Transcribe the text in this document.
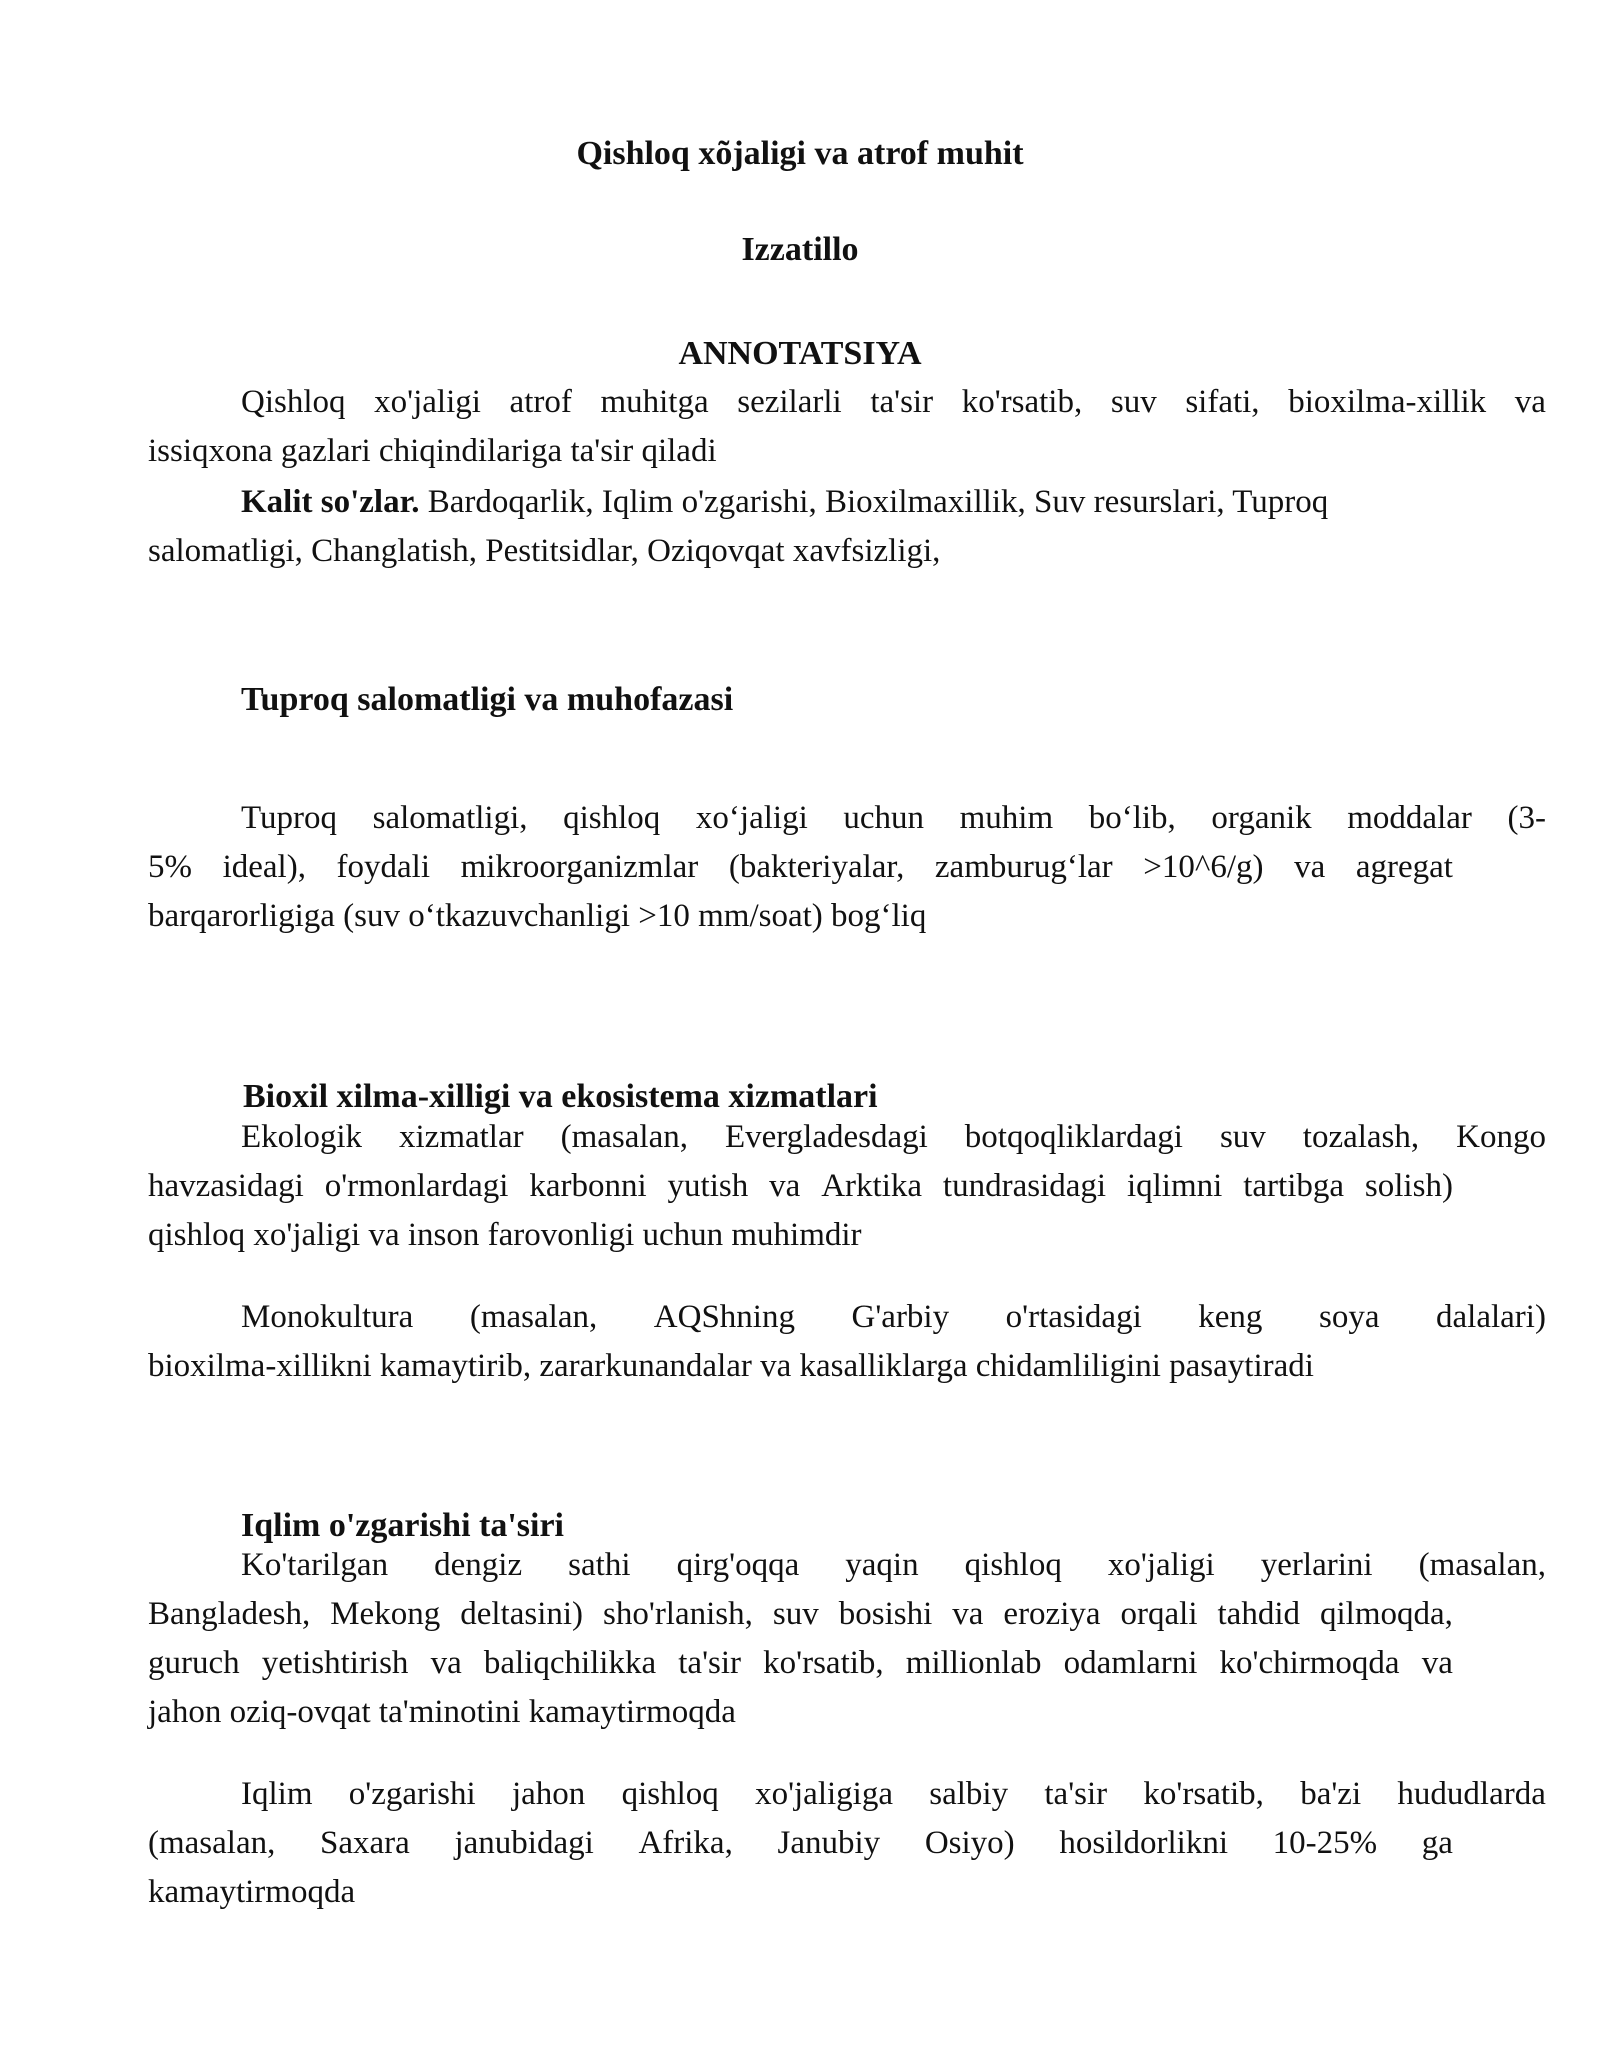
Qishloq xõjaligi va atrof muhit
Izzatillo
ANNOTATSIYA
Qishloq xo'jaligi atrof muhitga sezilarli ta'sir ko'rsatib, suv sifati, bioxilma-xillik va
issiqxona gazlari chiqindilariga ta'sir qiladi
Kalit so'zlar. Bardoqarlik, Iqlim o'zgarishi, Bioxilmaxillik, Suv resurslari, Tuproq
salomatligi, Changlatish, Pestitsidlar, Oziqovqat xavfsizligi,
Tuproq salomatligi va muhofazasi
Tuproq salomatligi, qishloq xo‘jaligi uchun muhim bo‘lib, organik moddalar (3-
5% ideal), foydali mikroorganizmlar (bakteriyalar, zamburug‘lar >10^6/g) va agregat
barqarorligiga (suv o‘tkazuvchanligi >10 mm/soat) bog‘liq
Bioxil xilma-xilligi va ekosistema xizmatlari
Ekologik xizmatlar (masalan, Evergladesdagi botqoqliklardagi suv tozalash, Kongo
havzasidagi o'rmonlardagi karbonni yutish va Arktika tundrasidagi iqlimni tartibga solish)
qishloq xo'jaligi va inson farovonligi uchun muhimdir
Monokultura (masalan, AQShning G'arbiy o'rtasidagi keng soya dalalari)
bioxilma-xillikni kamaytirib, zararkunandalar va kasalliklarga chidamliligini pasaytiradi
Iqlim o'zgarishi ta'siri
Ko'tarilgan dengiz sathi qirg'oqqa yaqin qishloq xo'jaligi yerlarini (masalan,
Bangladesh, Mekong deltasini) sho'rlanish, suv bosishi va eroziya orqali tahdid qilmoqda,
guruch yetishtirish va baliqchilikka ta'sir ko'rsatib, millionlab odamlarni ko'chirmoqda va
jahon oziq-ovqat ta'minotini kamaytirmoqda
Iqlim o'zgarishi jahon qishloq xo'jaligiga salbiy ta'sir ko'rsatib, ba'zi hududlarda
(masalan, Saxara janubidagi Afrika, Janubiy Osiyo) hosildorlikni 10-25% ga
kamaytirmoqda
